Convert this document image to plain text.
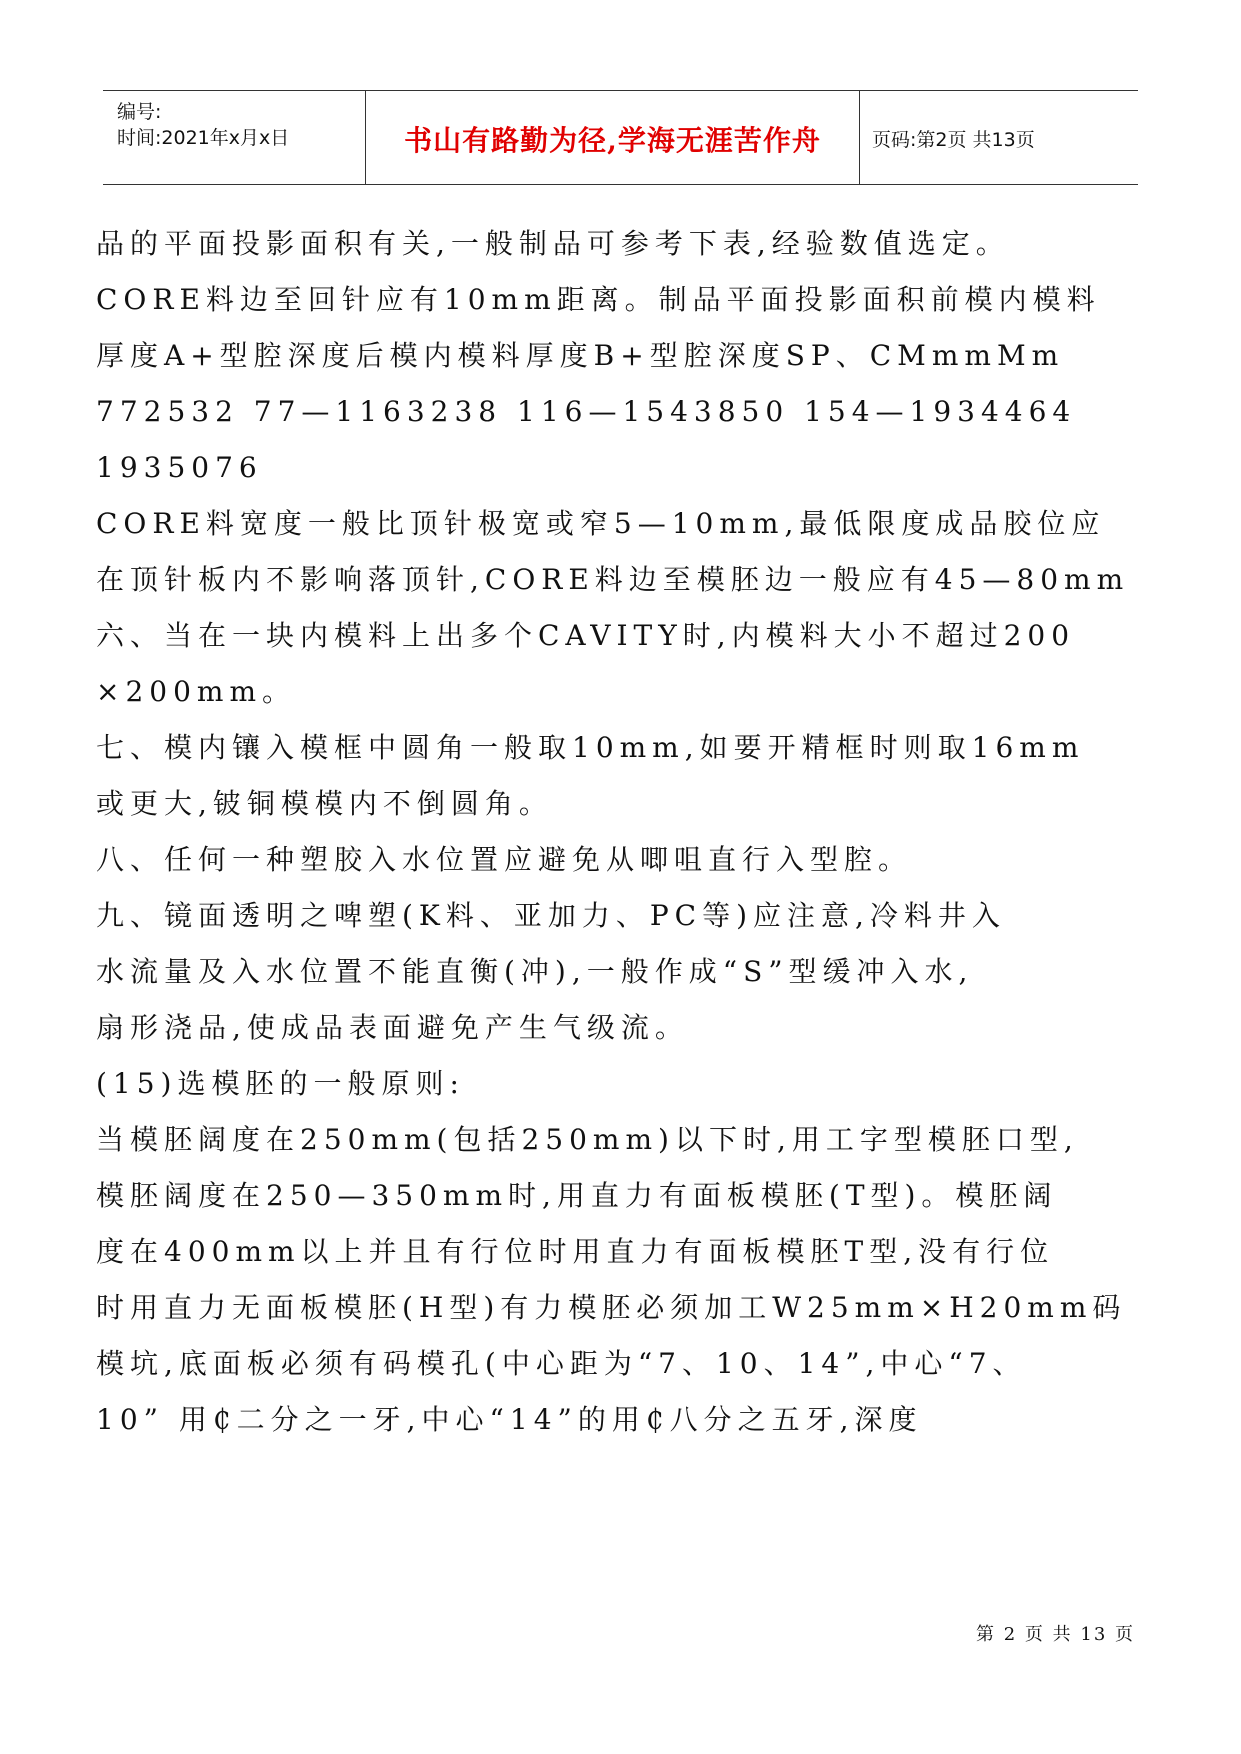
编号:
时间:2021年x月x日	书山有路勤为径,学海无涯苦作舟	页码:第2页 共13页
品的平面投影面积有关,一般制品可参考下表,经验数值选定。
CORE料边至回针应有10mm距离。制品平面投影面积前模内模料
厚度A+型腔深度后模内模料厚度B+型腔深度SP、CMmmMm
772532 77—1163238 116—1543850 154—1934464
1935076
CORE料宽度一般比顶针极宽或窄5—10mm,最低限度成品胶位应
在顶针板内不影响落顶针,CORE料边至模胚边一般应有45—80mm
六、当在一块内模料上出多个CAVITY时,内模料大小不超过200
×200mm。
七、模内镶入模框中圆角一般取10mm,如要开精框时则取16mm
或更大,铍铜模模内不倒圆角。
八、任何一种塑胶入水位置应避免从唧咀直行入型腔。
九、镜面透明之啤塑(K料、亚加力、PC等)应注意,冷料井入
水流量及入水位置不能直衡(冲),一般作成“S”型缓冲入水,
扇形浇品,使成品表面避免产生气级流。
(15)选模胚的一般原则:
当模胚阔度在250mm(包括250mm)以下时,用工字型模胚口型,
模胚阔度在250—350mm时,用直力有面板模胚(T型)。模胚阔
度在400mm以上并且有行位时用直力有面板模胚T型,没有行位
时用直力无面板模胚(H型)有力模胚必须加工W25mm×H20mm码
模坑,底面板必须有码模孔(中心距为“7、10、14”,中心“7、
10” 用₵二分之一牙,中心“14”的用₵八分之五牙,深度
第 2 页 共 13 页
